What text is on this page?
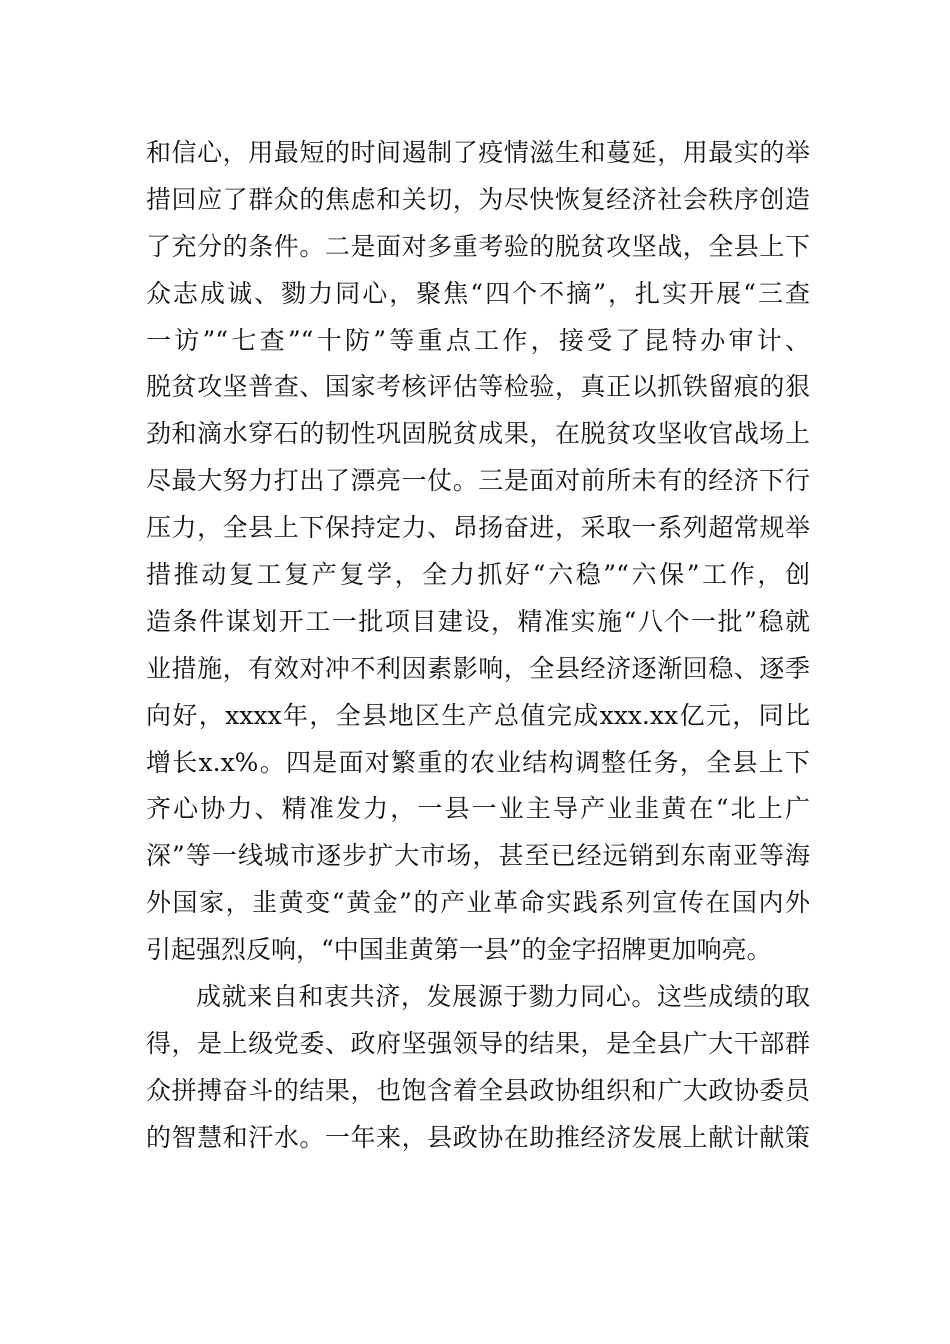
和信心，用最短的时间遏制了疫情滋生和蔓延，用最实的举
措回应了群众的焦虑和关切，为尽快恢复经济社会秩序创造
了充分的条件。二是面对多重考验的脱贫攻坚战，全县上下
众志成诚、勠力同心，聚焦“四个不摘”，扎实开展“三查
一访”“七查”“十防”等重点工作，接受了昆特办审计、
脱贫攻坚普查、国家考核评估等检验，真正以抓铁留痕的狠
劲和滴水穿石的韧性巩固脱贫成果，在脱贫攻坚收官战场上
尽最大努力打出了漂亮一仗。三是面对前所未有的经济下行
压力，全县上下保持定力、昂扬奋进，采取一系列超常规举
措推动复工复产复学，全力抓好“六稳”“六保”工作，创
造条件谋划开工一批项目建设，精准实施“八个一批”稳就
业措施，有效对冲不利因素影响，全县经济逐渐回稳、逐季
向好，xxxx年，全县地区生产总值完成xxx.xx亿元，同比
增长x.x%。四是面对繁重的农业结构调整任务，全县上下
齐心协力、精准发力，一县一业主导产业韭黄在“北上广
深”等一线城市逐步扩大市场，甚至已经远销到东南亚等海
外国家，韭黄变“黄金”的产业革命实践系列宣传在国内外
引起强烈反响，“中国韭黄第一县”的金字招牌更加响亮。
成就来自和衷共济，发展源于勠力同心。这些成绩的取
得，是上级党委、政府坚强领导的结果，是全县广大干部群
众拼搏奋斗的结果，也饱含着全县政协组织和广大政协委员
的智慧和汗水。一年来，县政协在助推经济发展上献计献策
